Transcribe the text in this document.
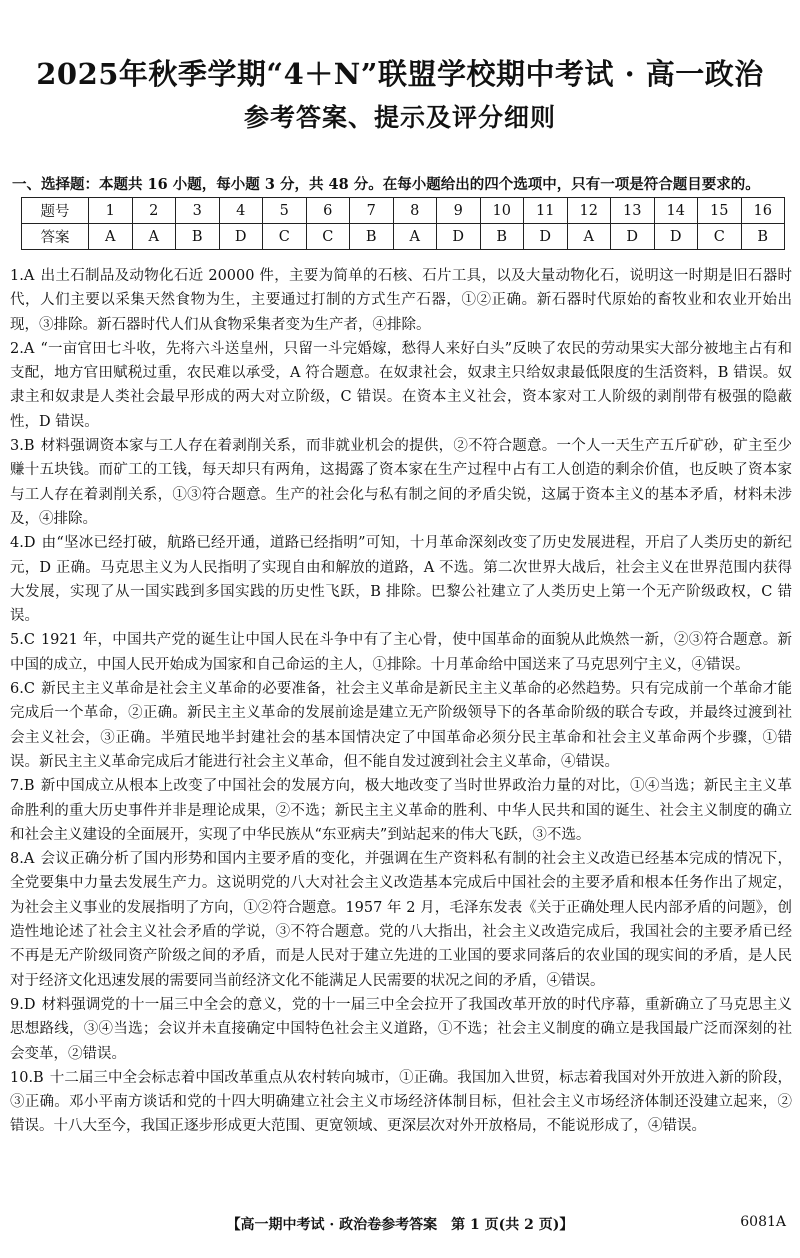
2025年秋季学期“4＋N”联盟学校期中考试 · 高一政治
参考答案、提示及评分细则
一、选择题：本题共 16 小题，每小题 3 分，共 48 分。在每小题给出的四个选项中，只有一项是符合题目要求的。
题号	1	2	3	4	5	6	7	8	9	10	11	12	13	14	15	16
答案	A	A	B	D	C	C	B	A	D	B	D	A	D	D	C	B

1.A 出土石制品及动物化石近 20000 件，主要为简单的石核、石片工具，以及大量动物化石，说明这一时期是旧石器时代，人们主要以采集天然食物为生，主要通过打制的方式生产石器，①②正确。新石器时代原始的畜牧业和农业开始出现，③排除。新石器时代人们从食物采集者变为生产者，④排除。

2.A “一亩官田七斗收，先将六斗送皇州，只留一斗完婚嫁，愁得人来好白头”反映了农民的劳动果实大部分被地主占有和支配，地方官田赋税过重，农民难以承受，A 符合题意。在奴隶社会，奴隶主只给奴隶最低限度的生活资料，B 错误。奴隶主和奴隶是人类社会最早形成的两大对立阶级，C 错误。在资本主义社会，资本家对工人阶级的剥削带有极强的隐蔽性，D 错误。

3.B 材料强调资本家与工人存在着剥削关系，而非就业机会的提供，②不符合题意。一个人一天生产五斤矿砂，矿主至少赚十五块钱。而矿工的工钱，每天却只有两角，这揭露了资本家在生产过程中占有工人创造的剩余价值，也反映了资本家与工人存在着剥削关系，①③符合题意。生产的社会化与私有制之间的矛盾尖锐，这属于资本主义的基本矛盾，材料未涉及，④排除。

4.D 由“坚冰已经打破，航路已经开通，道路已经指明”可知，十月革命深刻改变了历史发展进程，开启了人类历史的新纪元，D 正确。马克思主义为人民指明了实现自由和解放的道路，A 不选。第二次世界大战后，社会主义在世界范围内获得大发展，实现了从一国实践到多国实践的历史性飞跃，B 排除。巴黎公社建立了人类历史上第一个无产阶级政权，C 错误。

5.C 1921 年，中国共产党的诞生让中国人民在斗争中有了主心骨，使中国革命的面貌从此焕然一新，②③符合题意。新中国的成立，中国人民开始成为国家和自己命运的主人，①排除。十月革命给中国送来了马克思列宁主义，④错误。

6.C 新民主主义革命是社会主义革命的必要准备，社会主义革命是新民主主义革命的必然趋势。只有完成前一个革命才能完成后一个革命，②正确。新民主主义革命的发展前途是建立无产阶级领导下的各革命阶级的联合专政，并最终过渡到社会主义社会，③正确。半殖民地半封建社会的基本国情决定了中国革命必须分民主革命和社会主义革命两个步骤，①错误。新民主主义革命完成后才能进行社会主义革命，但不能自发过渡到社会主义革命，④错误。

7.B 新中国成立从根本上改变了中国社会的发展方向，极大地改变了当时世界政治力量的对比，①④当选；新民主主义革命胜利的重大历史事件并非是理论成果，②不选；新民主主义革命的胜利、中华人民共和国的诞生、社会主义制度的确立和社会主义建设的全面展开，实现了中华民族从“东亚病夫”到站起来的伟大飞跃，③不选。

8.A 会议正确分析了国内形势和国内主要矛盾的变化，并强调在生产资料私有制的社会主义改造已经基本完成的情况下，全党要集中力量去发展生产力。这说明党的八大对社会主义改造基本完成后中国社会的主要矛盾和根本任务作出了规定，为社会主义事业的发展指明了方向，①②符合题意。1957 年 2 月，毛泽东发表《关于正确处理人民内部矛盾的问题》，创造性地论述了社会主义社会矛盾的学说，③不符合题意。党的八大指出，社会主义改造完成后，我国社会的主要矛盾已经不再是无产阶级同资产阶级之间的矛盾，而是人民对于建立先进的工业国的要求同落后的农业国的现实间的矛盾，是人民对于经济文化迅速发展的需要同当前经济文化不能满足人民需要的状况之间的矛盾，④错误。

9.D 材料强调党的十一届三中全会的意义，党的十一届三中全会拉开了我国改革开放的时代序幕，重新确立了马克思主义思想路线，③④当选；会议并未直接确定中国特色社会主义道路，①不选；社会主义制度的确立是我国最广泛而深刻的社会变革，②错误。

10.B 十二届三中全会标志着中国改革重点从农村转向城市，①正确。我国加入世贸，标志着我国对外开放进入新的阶段，③正确。邓小平南方谈话和党的十四大明确建立社会主义市场经济体制目标，但社会主义市场经济体制还没建立起来，②错误。十八大至今，我国正逐步形成更大范围、更宽领域、更深层次对外开放格局，不能说形成了，④错误。

【高一期中考试 · 政治卷参考答案　第 1 页(共 2 页)】	6081A
